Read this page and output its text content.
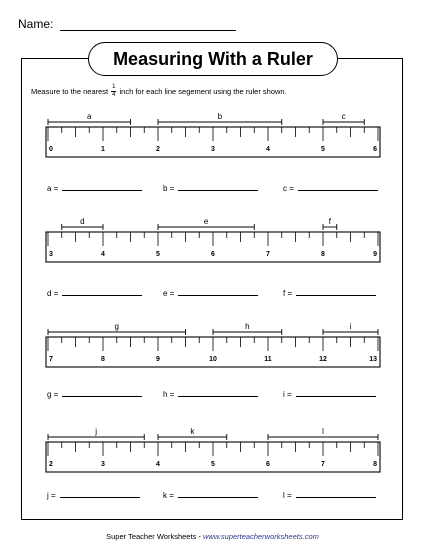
Name:
Measuring With a Ruler
Measure to the nearest $\frac{1}{4}$ inch for each line segement using the ruler shown.
0	1	2	3	4	5	6
a	b	c
3	4	5	6	7	8	9
d	e	f
7	8	9	10	11	12	13
g	h	i
2	3	4	5	6	7	8
j	k	l
a =	b =	c =
d =	e =	f =
g =	h =	i =
j =	k =	l =
Super Teacher Worksheets - www.superteacherworksheets.com
